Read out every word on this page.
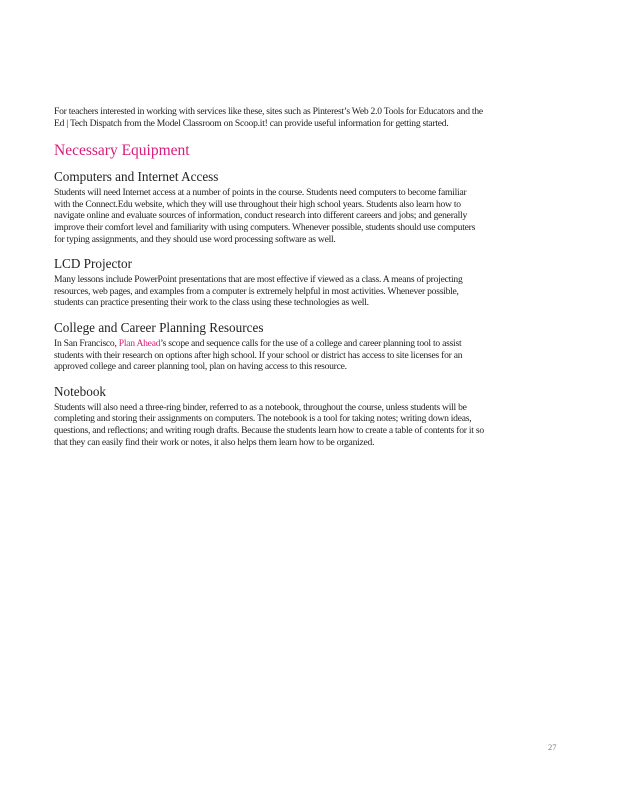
For teachers interested in working with services like these, sites such as Pinterest’s Web 2.0 Tools for Educators and the Ed | Tech Dispatch from the Model Classroom on Scoop.it! can provide useful information for getting started.

Necessary Equipment
Computers and Internet Access

Students will need Internet access at a number of points in the course. Students need computers to become familiar with the Connect.Edu website, which they will use throughout their high school years. Students also learn how to navigate online and evaluate sources of information, conduct research into different careers and jobs; and generally improve their comfort level and familiarity with using computers. Whenever possible, students should use computers for typing assignments, and they should use word processing software as well.

LCD Projector

Many lessons include PowerPoint presentations that are most effective if viewed as a class. A means of projecting resources, web pages, and examples from a computer is extremely helpful in most activities. Whenever possible, students can practice presenting their work to the class using these technologies as well.

College and Career Planning Resources

In San Francisco, Plan Ahead’s scope and sequence calls for the use of a college and career planning tool to assist students with their research on options after high school. If your school or district has access to site licenses for an approved college and career planning tool, plan on having access to this resource.

Notebook

Students will also need a three-ring binder, referred to as a notebook, throughout the course, unless students will be completing and storing their assignments on computers. The notebook is a tool for taking notes; writing down ideas, questions, and reflections; and writing rough drafts. Because the students learn how to create a table of contents for it so that they can easily find their work or notes, it also helps them learn how to be organized.

27
